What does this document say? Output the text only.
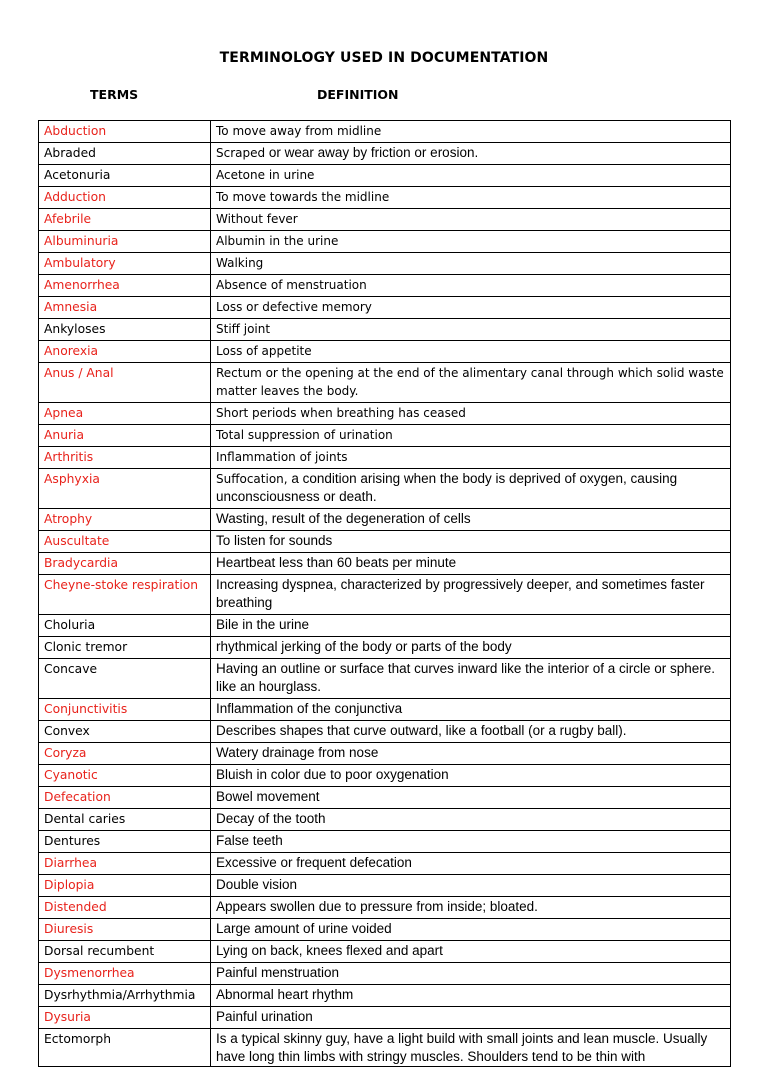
TERMINOLOGY USED IN DOCUMENTATION
TERMS	DEFINITION
Abduction	To move away from midline

Abraded	Scraped or wear away by friction or erosion.

Acetonuria	Acetone in urine

Adduction	To move towards the midline

Afebrile	Without fever

Albuminuria	Albumin in the urine

Ambulatory	Walking

Amenorrhea	Absence of menstruation

Amnesia	Loss or defective memory

Ankyloses	Stiff joint

Anorexia	Loss of appetite

Anus / Anal	Rectum or the opening at the end of the alimentary canal through which solid waste matter leaves the body.

Apnea	Short periods when breathing has ceased

Anuria	Total suppression of urination

Arthritis	Inflammation of joints

Asphyxia	Suffocation, a condition arising when the body is deprived of oxygen, causing unconsciousness or death.

Atrophy	Wasting, result of the degeneration of cells

Auscultate	To listen for sounds

Bradycardia	Heartbeat less than 60 beats per minute

Cheyne-stoke respiration	Increasing dyspnea, characterized by progressively deeper, and sometimes faster breathing

Choluria	Bile in the urine

Clonic tremor	rhythmical jerking of the body or parts of the body

Concave	Having an outline or surface that curves inward like the interior of a circle or sphere. like an hourglass.

Conjunctivitis	Inflammation of the conjunctiva

Convex	Describes shapes that curve outward, like a football (or a rugby ball).

Coryza	Watery drainage from nose

Cyanotic	Bluish in color due to poor oxygenation

Defecation	Bowel movement

Dental caries	Decay of the tooth

Dentures	False teeth

Diarrhea	Excessive or frequent defecation

Diplopia	Double vision

Distended	Appears swollen due to pressure from inside; bloated.

Diuresis	Large amount of urine voided

Dorsal recumbent	Lying on back, knees flexed and apart

Dysmenorrhea	Painful menstruation

Dysrhythmia/Arrhythmia	Abnormal heart rhythm

Dysuria	Painful urination

Ectomorph	Is a typical skinny guy, have a light build with small joints and lean muscle. Usually have long thin limbs with stringy muscles. Shoulders tend to be thin with
